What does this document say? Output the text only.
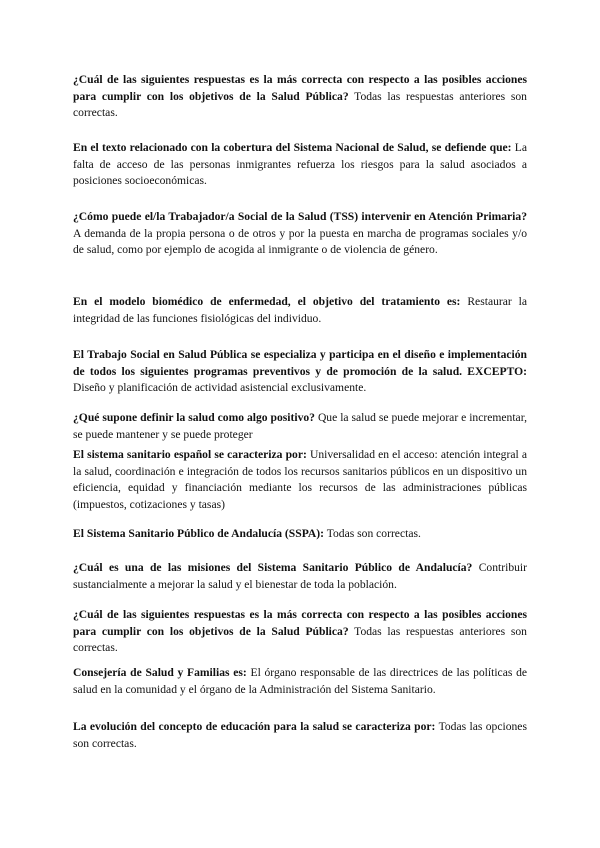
¿Cuál de las siguientes respuestas es la más correcta con respecto a las posibles acciones para cumplir con los objetivos de la Salud Pública? Todas las respuestas anteriores son correctas.

En el texto relacionado con la cobertura del Sistema Nacional de Salud, se defiende que: La falta de acceso de las personas inmigrantes refuerza los riesgos para la salud asociados a posiciones socioeconómicas.

¿Cómo puede el/la Trabajador/a Social de la Salud (TSS) intervenir en Atención Primaria? A demanda de la propia persona o de otros y por la puesta en marcha de programas sociales y/o de salud, como por ejemplo de acogida al inmigrante o de violencia de género.

En el modelo biomédico de enfermedad, el objetivo del tratamiento es: Restaurar la integridad de las funciones fisiológicas del individuo.

El Trabajo Social en Salud Pública se especializa y participa en el diseño e implementación de todos los siguientes programas preventivos y de promoción de la salud. EXCEPTO: Diseño y planificación de actividad asistencial exclusivamente.

¿Qué supone definir la salud como algo positivo? Que la salud se puede mejorar e incrementar, se puede mantener y se puede proteger

El sistema sanitario español se caracteriza por: Universalidad en el acceso: atención integral a la salud, coordinación e integración de todos los recursos sanitarios públicos en un dispositivo un eficiencia, equidad y financiación mediante los recursos de las administraciones públicas (impuestos, cotizaciones y tasas)

El Sistema Sanitario Público de Andalucía (SSPA): Todas son correctas.

¿Cuál es una de las misiones del Sistema Sanitario Público de Andalucía? Contribuir sustancialmente a mejorar la salud y el bienestar de toda la población.

¿Cuál de las siguientes respuestas es la más correcta con respecto a las posibles acciones para cumplir con los objetivos de la Salud Pública? Todas las respuestas anteriores son correctas.

Consejería de Salud y Familias es: El órgano responsable de las directrices de las políticas de salud en la comunidad y el órgano de la Administración del Sistema Sanitario.

La evolución del concepto de educación para la salud se caracteriza por: Todas las opciones son correctas.
